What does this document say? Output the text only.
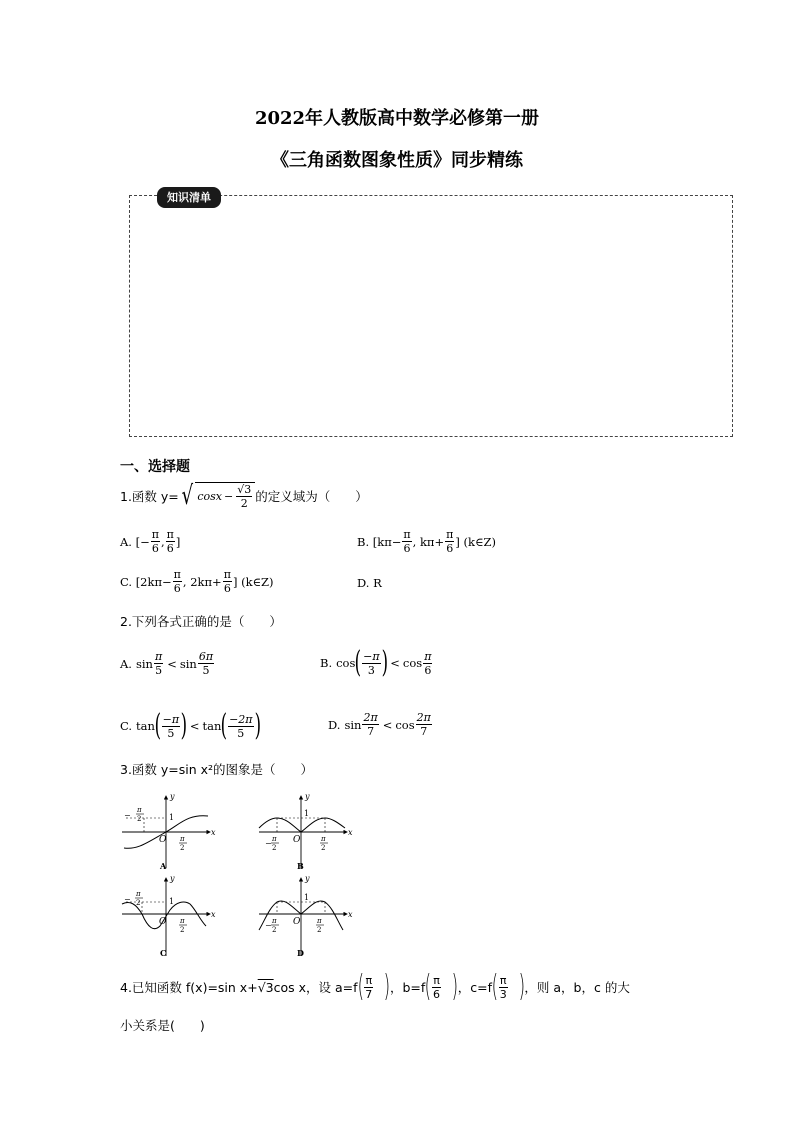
2022年人教版高中数学必修第一册
《三角函数图象性质》同步精练
知识清单
一、选择题
1.函数 y= √ $\cos x - \frac{√3}{2}$ 的定义域为（　　）
A. [− $\frac{\pi}{6}$ , $\frac{\pi}{6}$ ]	B. [$k\pi- \frac{\pi}{6}$ , $k\pi+ \frac{\pi}{6}$ ] (k∈Z)
C. [$2k\pi- \frac{\pi}{6}$ , $2k\pi+ \frac{\pi}{6}$ ] (k∈Z)	D. R
2.下列各式正确的是（　　）
A. $\sin \frac{\pi}{5} < \sin \frac{6\pi}{5}$	B. cos ( $\frac{-\pi}{3}$ ) < $\cos \frac{\pi}{6}$
C. tan ( $\frac{-\pi}{5}$ ) < tan ( $\frac{-2\pi}{5}$ )	D. $\sin \frac{2\pi}{7} < \cos \frac{2\pi}{7}$
3.函数 y=sin x²的图象是（　　）
y
x
O
1
−
π
2
π
2
A
y
x
O
1
− π
2
π
2
B
y
x
O
1
−
π
2
π
2
C
y
x
O
1
− π
2
π
2
D
4.已知函数 f(x)=sin x+ √3 cos x，设 a=f ( $\frac{\pi}{7}$ ) ，b=f ( $\frac{\pi}{6}$ ) ，c=f ( $\frac{\pi}{3}$ ) ，则 a，b，c 的大
小关系是(　　)
